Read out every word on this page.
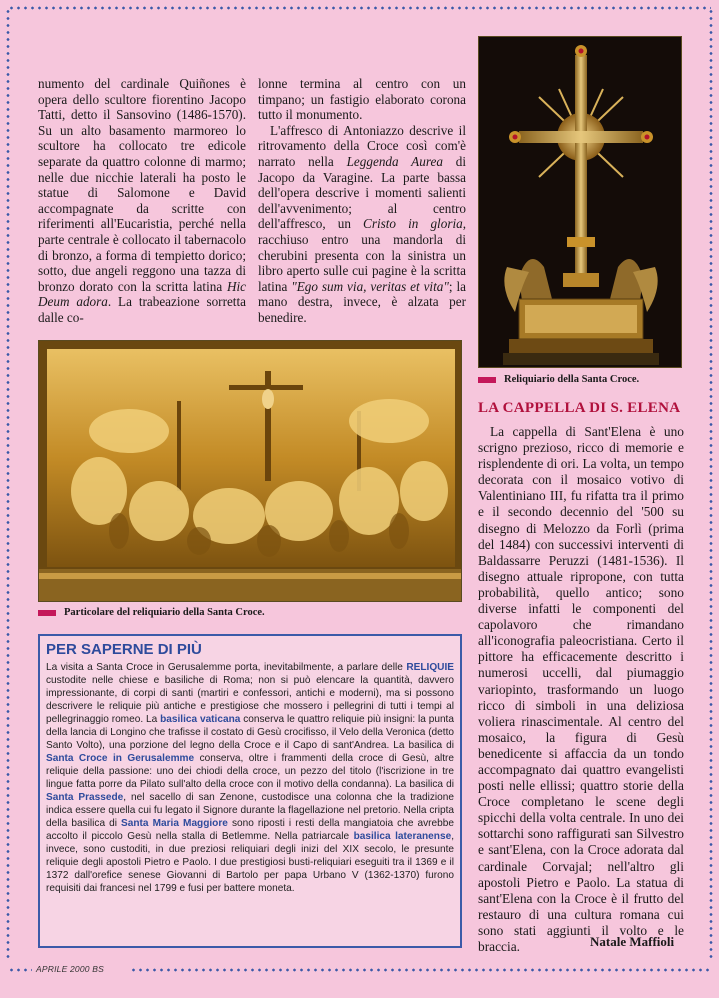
numento del cardinale Quiñones è opera dello scultore fiorentino Jacopo Tatti, detto il Sansovino (1486-1570). Su un alto basamento marmoreo lo scultore ha collocato tre edicole separate da quattro colonne di marmo; nelle due nicchie laterali ha posto le statue di Salomone e David accompagnate da scritte con riferimenti all'Eucaristia, perché nella parte centrale è collocato il tabernacolo di bronzo, a forma di tempietto dorico; sotto, due angeli reggono una tazza di bronzo dorato con la scritta latina Hic Deum adora. La trabeazione sorretta dalle co-

lonne termina al centro con un timpano; un fastigio elaborato corona tutto il monumento.

L'affresco di Antoniazzo descrive il ritrovamento della Croce così com'è narrato nella Leggenda Aurea di Jacopo da Varagine. La parte bassa dell'opera descrive i momenti salienti dell'avvenimento; al centro dell'affresco, un Cristo in gloria, racchiuso entro una mandorla di cherubini presenta con la sinistra un libro aperto sulle cui pagine è la scritta latina "Ego sum via, veritas et vita"; la mano destra, invece, è alzata per benedire.

Reliquiario della Santa Croce.
LA CAPPELLA DI S. ELENA
Particolare del reliquiario della Santa Croce.

La cappella di Sant'Elena è uno scrigno prezioso, ricco di memorie e risplendente di ori. La volta, un tempo decorata con il mosaico votivo di Valentiniano III, fu rifatta tra il primo e il secondo decennio del '500 su disegno di Melozzo da Forlì (prima del 1484) con successivi interventi di Baldassarre Peruzzi (1481-1536). Il disegno attuale ripropone, con tutta probabilità, quello antico; sono diverse infatti le componenti del capolavoro che rimandano all'iconografia paleocristiana. Certo il pittore ha efficacemente descritto i numerosi uccelli, dal piumaggio variopinto, trasformando un luogo ricco di simboli in una deliziosa voliera rinascimentale. Al centro del mosaico, la figura di Gesù benedicente si affaccia da un tondo accompagnato dai quattro evangelisti posti nelle ellissi; quattro storie della Croce completano le scene degli spicchi della volta centrale. In uno dei sottarchi sono raffigurati san Silvestro e sant'Elena, con la Croce adorata dal cardinale Corvajal; nell'altro gli apostoli Pietro e Paolo. La statua di sant'Elena con la Croce è il frutto del restauro di una cultura romana cui sono stati aggiunti il volto e le braccia.	Natale Maffioli
PER SAPERNE DI PIÙ
La visita a Santa Croce in Gerusalemme porta, inevitabilmente, a parlare delle RELIQUIE custodite nelle chiese e basiliche di Roma; non si può elencare la quantità, davvero impressionante, di corpi di santi (martiri e confessori, antichi e moderni), ma si possono descrivere le reliquie più antiche e prestigiose che mossero i pellegrini di tutti i tempi al pellegrinaggio romeo. La basilica vaticana conserva le quattro reliquie più insigni: la punta della lancia di Longino che trafisse il costato di Gesù crocifisso, il Velo della Veronica (detto Santo Volto), una porzione del legno della Croce e il Capo di sant'Andrea. La basilica di Santa Croce in Gerusalemme conserva, oltre i frammenti della croce di Gesù, altre reliquie della passione: uno dei chiodi della croce, un pezzo del titolo (l'iscrizione in tre lingue fatta porre da Pilato sull'alto della croce con il motivo della condanna). La basilica di Santa Prassede, nel sacello di san Zenone, custodisce una colonna che la tradizione indica essere quella cui fu legato il Signore durante la flagellazione nel pretorio. Nella cripta della basilica di Santa Maria Maggiore sono riposti i resti della mangiatoia che avrebbe accolto il piccolo Gesù nella stalla di Betlemme. Nella patriarcale basilica lateranense, invece, sono custoditi, in due preziosi reliquiari degli inizi del XIX secolo, le presunte reliquie degli apostoli Pietro e Paolo. I due prestigiosi busti-reliquiari eseguiti tra il 1369 e il 1372 dall'orefice senese Giovanni di Bartolo per papa Urbano V (1362-1370) furono requisiti dai francesi nel 1799 e fusi per battere moneta.
APRILE 2000 BS
